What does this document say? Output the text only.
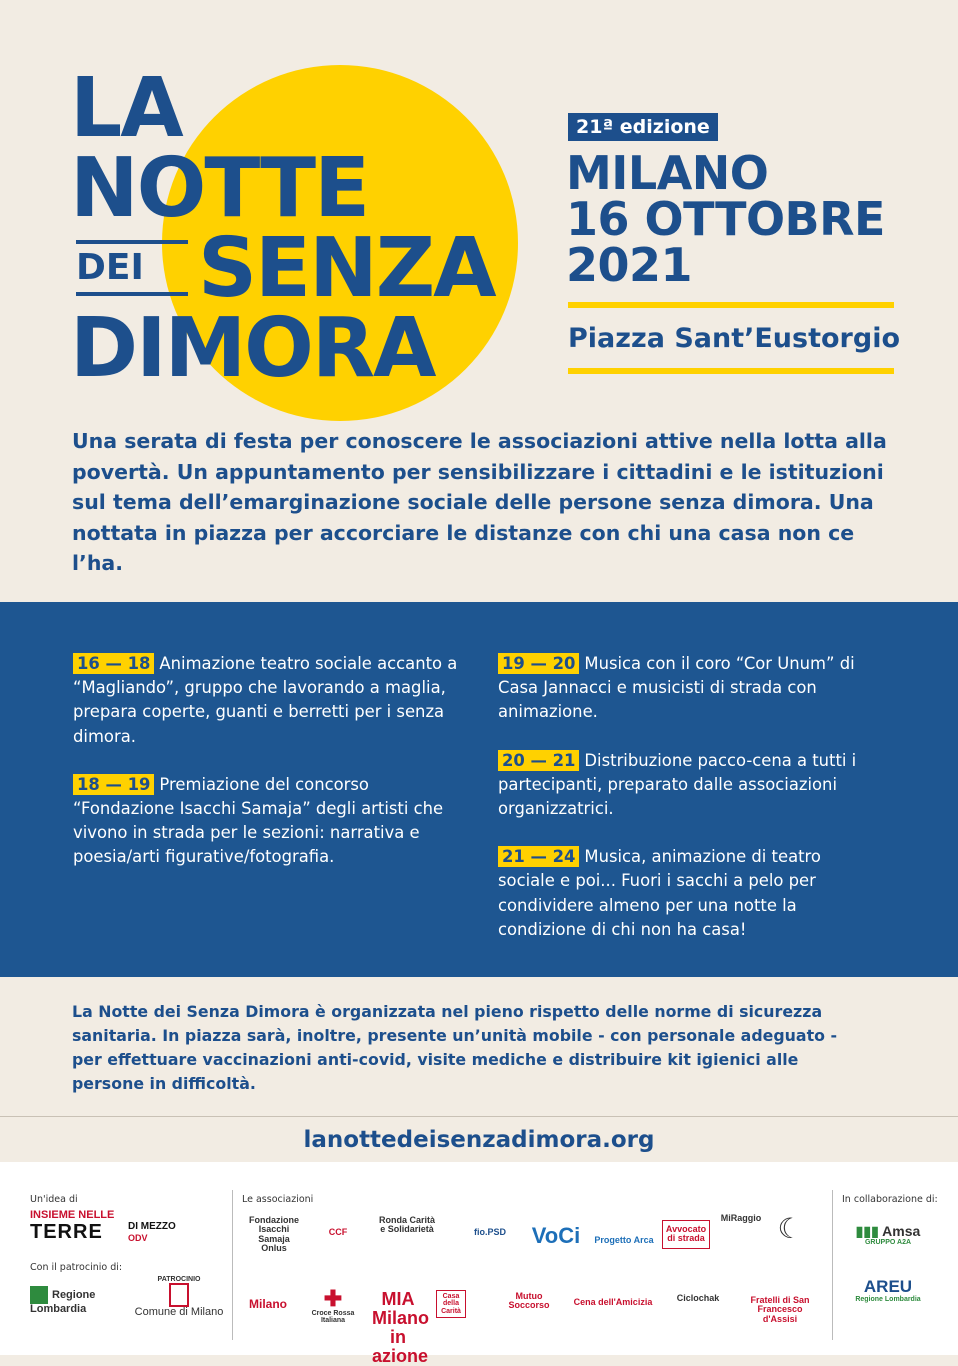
LA
NOTTE
DEI SENZA
DIMORA
21ª edizione
MILANO
16 OTTOBRE
2021
Piazza Sant’Eustorgio
Una serata di festa per conoscere le associazioni attive nella lotta alla povertà. Un appuntamento per sensibilizzare i cittadini e le istituzioni sul tema dell’emarginazione sociale delle persone senza dimora. Una nottata in piazza per accorciare le distanze con chi una casa non ce l’ha.
16 — 18 Animazione teatro sociale accanto a “Magliando”, gruppo che lavorando a maglia, prepara coperte, guanti e berretti per i senza dimora.
18 — 19 Premiazione del concorso “Fondazione Isacchi Samaja” degli artisti che vivono in strada per le sezioni: narrativa e poesia/arti figurative/fotografia.
19 — 20 Musica con il coro “Cor Unum” di Casa Jannacci e musicisti di strada con animazione.
20 — 21 Distribuzione pacco-cena a tutti i partecipanti, preparato dalle associazioni organizzatrici.
21 — 24 Musica, animazione di teatro sociale e poi... Fuori i sacchi a pelo per condividere almeno per una notte la condizione di chi non ha casa!
La Notte dei Senza Dimora è organizzata nel pieno rispetto delle norme di sicurezza sanitaria. In piazza sarà, inoltre, presente un’unità mobile - con personale adeguato - per effettuare vaccinazioni anti-covid, visite mediche e distribuire kit igienici alle persone in difficoltà.
lanottedeisenzadimora.org
Un'idea di
INSIEME NELLE
TERRE	DI MEZZO
ODV
Con il patrocinio di:
Regione Lombardia
PATROCINIO
Comune di Milano
Le associazioni
Fondazione Isacchi Samaja Onlus
CCF
Ronda Carità e Solidarietà	fio.PSD	VoCi	Progetto Arca
Avvocato di strada
MiRaggio ☾
Milano	✚
Croce Rossa Italiana
MIA Milano in azione
Casa della Carità
Mutuo Soccorso	Cena dell'Amicizia	Ciclochak	Fratelli di San Francesco d'Assisi
In collaborazione di:
▮▮▮ Amsa
GRUPPO A2A
AREU
Regione Lombardia
